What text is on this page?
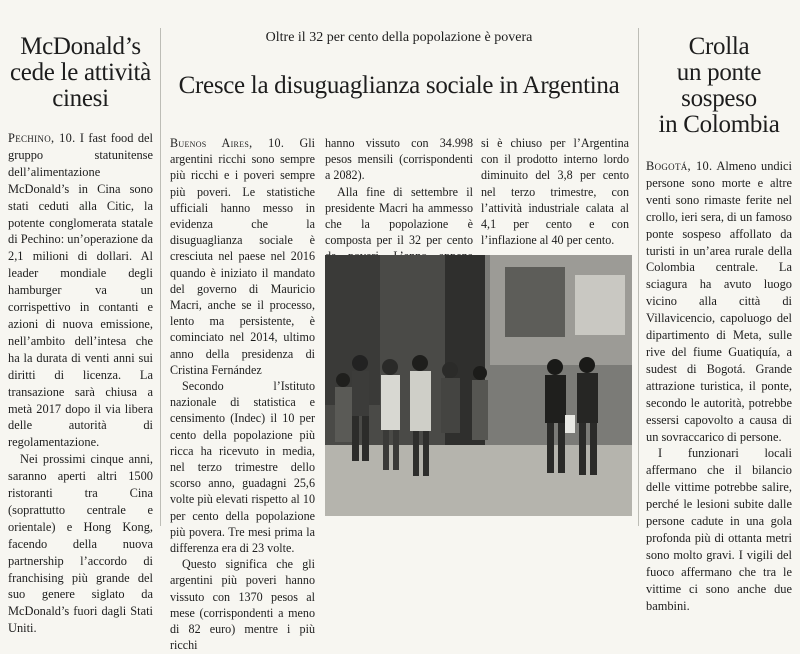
McDonald’s
cede le attività
cinesi

Pechino, 10. I fast food del gruppo statunitense dell’alimentazione McDonald’s in Cina sono stati ceduti alla Citic, la potente conglomerata statale di Pechino: un’operazione da 2,1 milioni di dollari. Al leader mondiale degli hamburger va un corrispettivo in contanti e azioni di nuova emissione, nell’ambito dell’intesa che ha la durata di venti anni sui diritti di licenza. La transazione sarà chiusa a metà 2017 dopo il via libera delle autorità di regolamentazione.

Nei prossimi cinque anni, saranno aperti altri 1500 ristoranti tra Cina (soprattutto centrale e orientale) e Hong Kong, facendo della nuova partnership l’accordo di franchising più grande del suo genere siglato da McDonald’s fuori dagli Stati Uniti.

Oltre il 32 per cento della popolazione è povera
Cresce la disuguaglianza sociale in Argentina

Buenos Aires, 10. Gli argentini ricchi sono sempre più ricchi e i poveri sempre più poveri. Le statistiche ufficiali hanno messo in evidenza che la disuguaglianza sociale è cresciuta nel paese nel 2016 quando è iniziato il mandato del governo di Mauricio Macri, anche se il processo, lento ma persistente, è cominciato nel 2014, ultimo anno della presidenza di Cristina Fernández

Secondo l’Istituto nazionale di statistica e censimento (Indec) il 10 per cento della popolazione più ricca ha ricevuto in media, nel terzo trimestre dello scorso anno, guadagni 25,6 volte più elevati rispetto al 10 per cento della popolazione più povera. Tre mesi prima la differenza era di 23 volte.

Questo significa che gli argentini più poveri hanno vissuto con 1370 pesos al mese (corrispondenti a meno di 82 euro) mentre i più ricchi

hanno vissuto con 34.998 pesos mensili (corrispondenti a 2082).

Alla fine di settembre il presidente Macri ha ammesso che la popolazione è composta per il 32 per cento

si è chiuso per l’Argentina con il prodotto interno lordo diminuito del 3,8 per cento nel terzo trimestre, con l’attività industriale calata al 4,1 per cento e con l’inflazione al 40 per cento.

Crolla
un ponte sospeso
in Colombia

Bogotá, 10. Almeno undici persone sono morte e altre venti sono rimaste ferite nel crollo, ieri sera, di un famoso ponte sospeso affollato da turisti in un’area rurale della Colombia centrale. La sciagura ha avuto luogo vicino alla città di Villavicencio, capoluogo del dipartimento di Meta, sulle rive del fiume Guatiquía, a sudest di Bogotá. Grande attrazione turistica, il ponte, secondo le autorità, potrebbe essersi capovolto a causa di un sovraccarico di persone.

I funzionari locali affermano che il bilancio delle vittime potrebbe salire, perché le lesioni subite dalle persone cadute in una gola profonda più di ottanta metri sono molto gravi. I vigili del fuoco affermano che tra le vittime ci sono anche due bambini.
